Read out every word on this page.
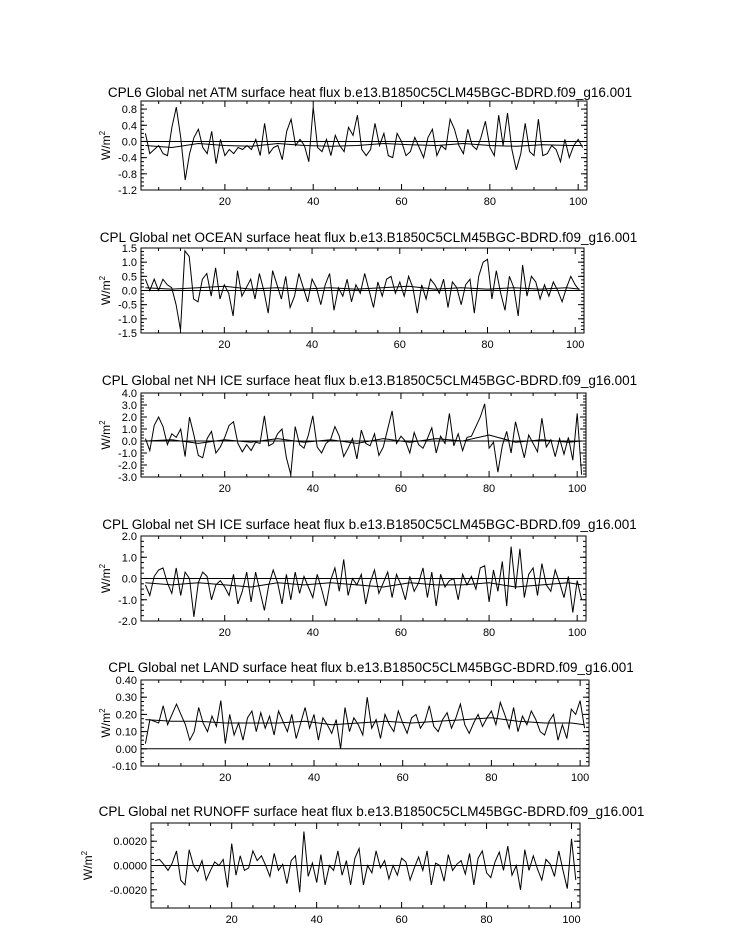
CPL6 Global net ATM surface heat flux b.e13.B1850C5CLM45BGC-BDRD.f09_g16.001
20	40	60	80	100
-1.2
-0.8
-0.4
0.0
0.4
0.8
$W/m^2$
CPL Global net OCEAN surface heat flux b.e13.B1850C5CLM45BGC-BDRD.f09_g16.001
20	40	60	80	100
-1.5
-1.0
-0.5
0.0
0.5
1.0
1.5
$W/m^2$
CPL Global net NH ICE surface heat flux b.e13.B1850C5CLM45BGC-BDRD.f09_g16.001
20	40	60	80	100
-3.0
-2.0
-1.0
0.0
1.0
2.0
3.0
4.0
$W/m^2$
CPL Global net SH ICE surface heat flux b.e13.B1850C5CLM45BGC-BDRD.f09_g16.001
20	40	60	80	100
-2.0
-1.0
0.0
1.0
2.0
$W/m^2$
CPL Global net LAND surface heat flux b.e13.B1850C5CLM45BGC-BDRD.f09_g16.001
20	40	60	80	100
-0.10
0.00
0.10
0.20
0.30
0.40
$W/m^2$
CPL Global net RUNOFF surface heat flux b.e13.B1850C5CLM45BGC-BDRD.f09_g16.001
20	40	60	80	100
-0.0020
0.0000
0.0020
$W/m^2$
